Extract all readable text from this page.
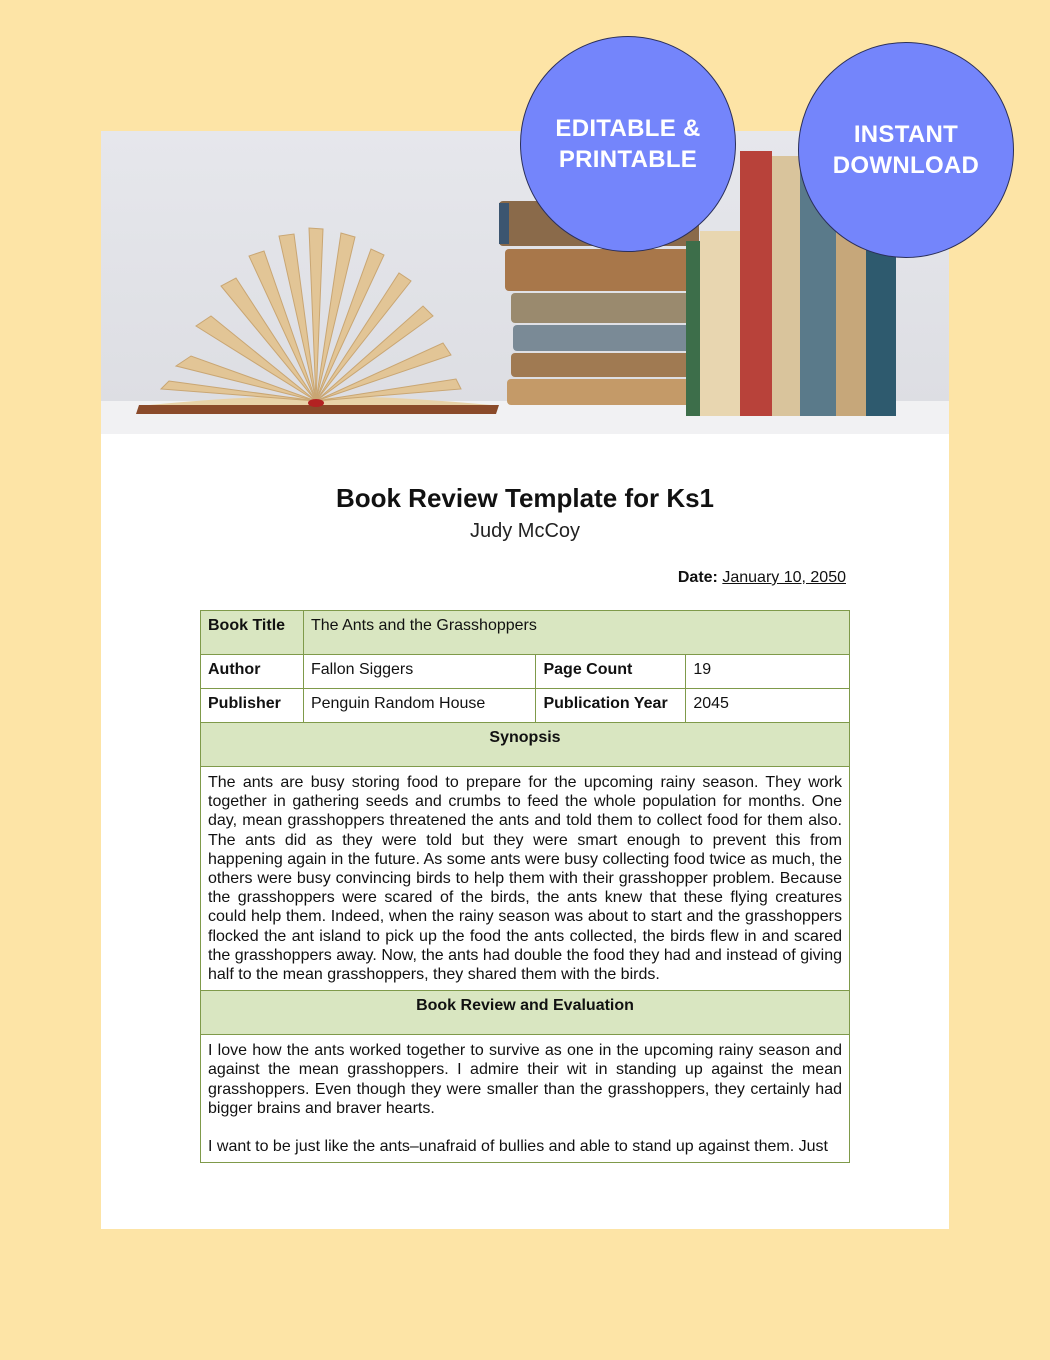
Book Review Template for Ks1
Judy McCoy
Date: January 10, 2050
Book Title	The Ants and the Grasshoppers		
Author	Fallon Siggers	Page Count	19
Publisher	Penguin Random House	Publication Year	2045
Synopsis			
The ants are busy storing food to prepare for the upcoming rainy season. They work together in gathering seeds and crumbs to feed the whole population for months. One day, mean grasshoppers threatened the ants and told them to collect food for them also. The ants did as they were told but they were smart enough to prevent this from happening again in the future. As some ants were busy collecting food twice as much, the others were busy convincing birds to help them with their grasshopper problem. Because the grasshoppers were scared of the birds, the ants knew that these flying creatures could help them. Indeed, when the rainy season was about to start and the grasshoppers flocked the ant island to pick up the food the ants collected, the birds flew in and scared the grasshoppers away. Now, the ants had double the food they had and instead of giving half to the mean grasshoppers, they shared them with the birds.			
Book Review and Evaluation			

I love how the ants worked together to survive as one in the upcoming rainy season and against the mean grasshoppers. I admire their wit in standing up against the mean grasshoppers. Even though they were smaller than the grasshoppers, they certainly had bigger brains and braver hearts.

I want to be just like the ants–unafraid of bullies and able to stand up against them. Just			

EDITABLE &
PRINTABLE
INSTANT
DOWNLOAD
